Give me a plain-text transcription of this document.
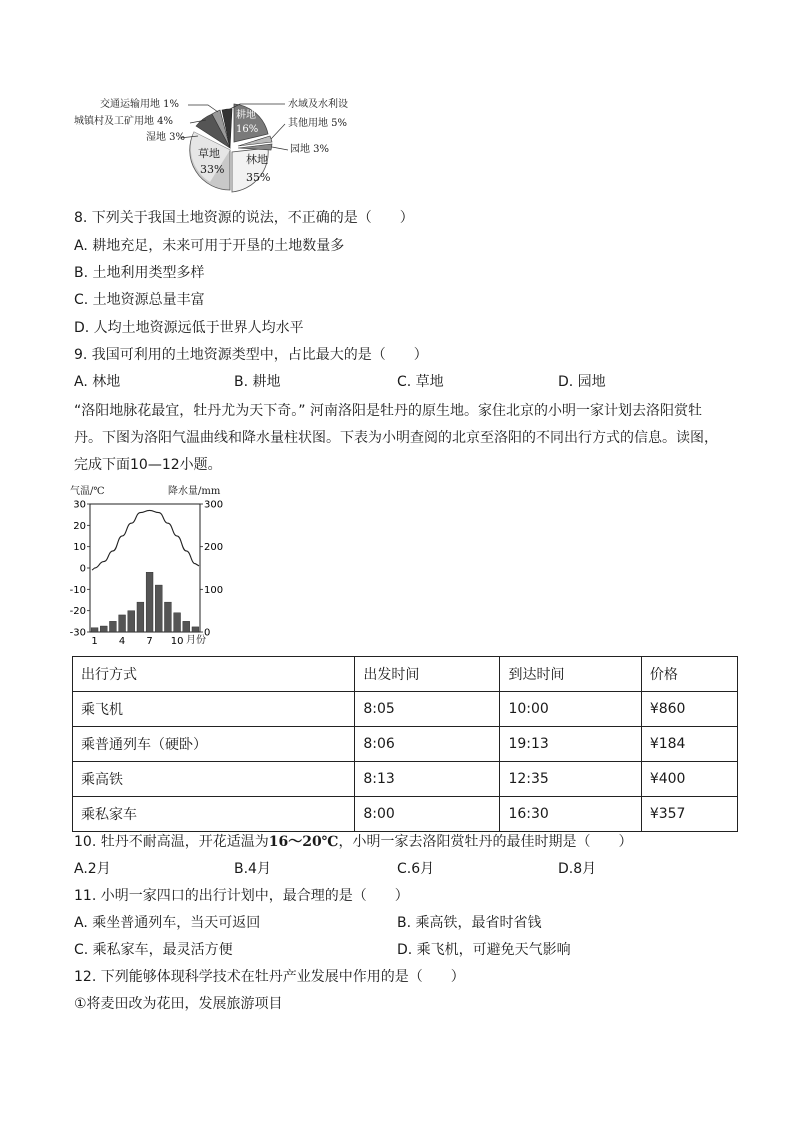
交通运输用地 1%
城镇村及工矿用地 4%
湿地 3%
水域及水利设
其他用地 5%
园地 3%
耕地
16%
草地
33%
林地
35%
8. 下列关于我国土地资源的说法，不正确的是（　　）
A. 耕地充足，未来可用于开垦的土地数量多
B. 土地利用类型多样
C. 土地资源总量丰富
D. 人均土地资源远低于世界人均水平
9. 我国可利用的土地资源类型中，占比最大的是（　　）
A. 林地	B. 耕地	C. 草地	D. 园地
“洛阳地脉花最宜，牡丹尤为天下奇。” 河南洛阳是牡丹的原生地。家住北京的小明一家计划去洛阳赏牡
丹。下图为洛阳气温曲线和降水量柱状图。下表为小明查阅的北京至洛阳的不同出行方式的信息。读图，
完成下面10—12小题。
30
20
10
0
-10
-20
-30
300
200
100
0
1 4 7 10
气温/℃	降水量/mm
月份
出行方式	出发时间	到达时间	价格
乘飞机	8:05	10:00	¥860
乘普通列车（硬卧）	8:06	19:13	¥184
乘高铁	8:13	12:35	¥400
乘私家车	8:00	16:30	¥357
10. 牡丹不耐高温，开花适温为16～20℃，小明一家去洛阳赏牡丹的最佳时期是（　　）
A.2月	B.4月	C.6月	D.8月
11. 小明一家四口的出行计划中，最合理的是（　　）
A. 乘坐普通列车，当天可返回	B. 乘高铁，最省时省钱
C. 乘私家车，最灵活方便	D. 乘飞机，可避免天气影响
12. 下列能够体现科学技术在牡丹产业发展中作用的是（　　）
①将麦田改为花田，发展旅游项目
